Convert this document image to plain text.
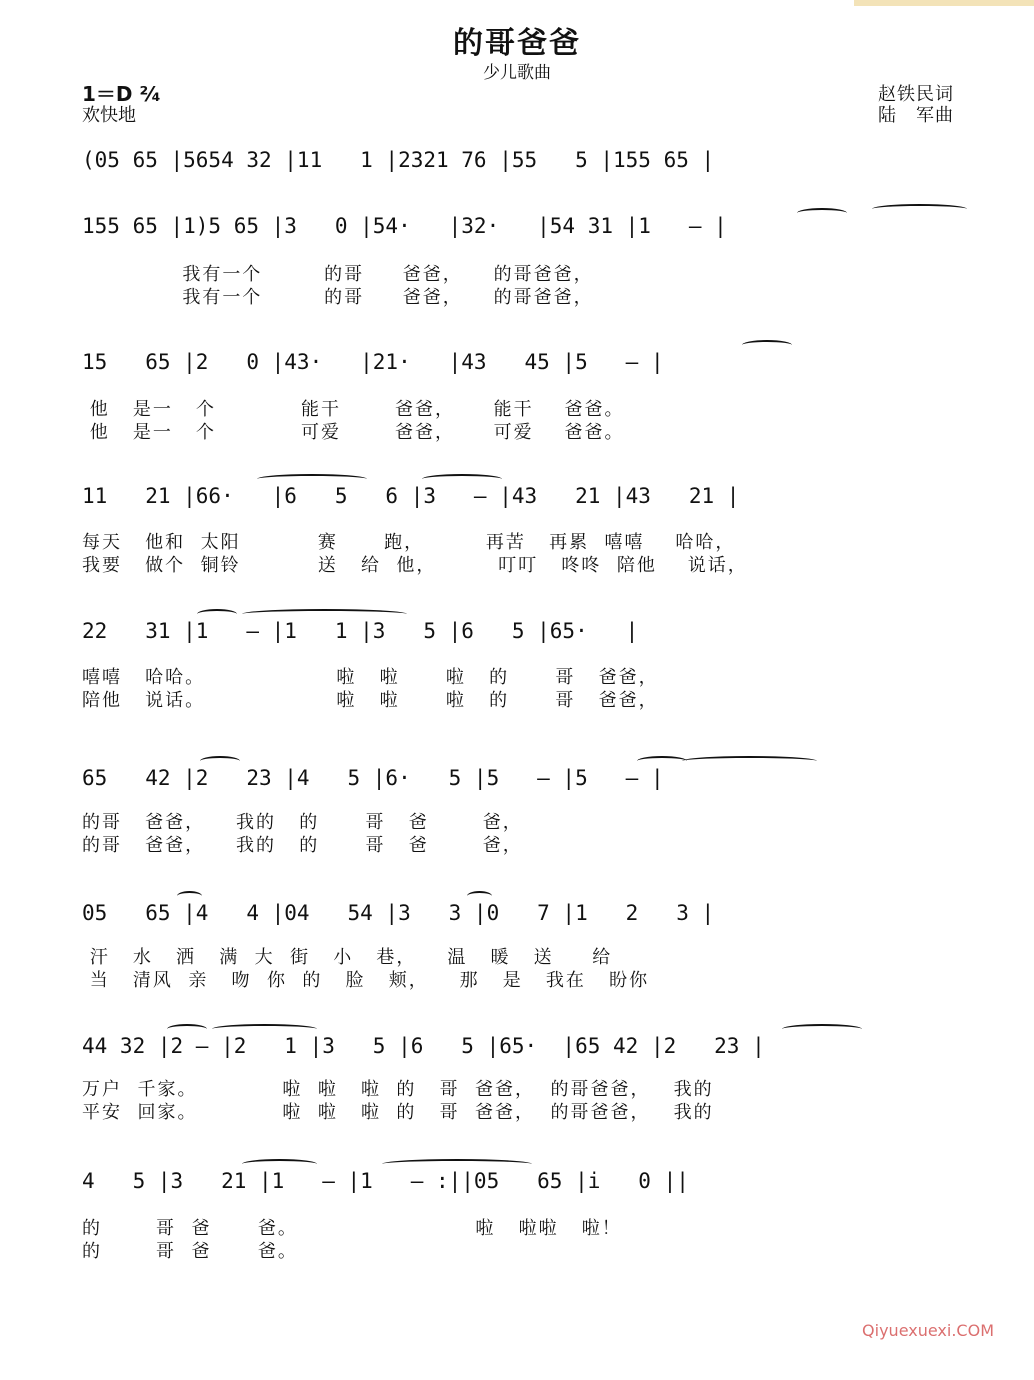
的哥爸爸
少儿歌曲
1＝D ²⁄₄
欢快地
赵铁民词
陆　军曲
(05 65 |5654 32 |11   1 |2321 76 |55   5 |155 65 |
155 65 |1)5 65 |3   0 |54·   |32·   |54 31 |1   — |
我有一个        的哥     爸爸，    的哥爸爸，
我有一个        的哥     爸爸，    的哥爸爸，
15   65 |2   0 |43·   |21·   |43   45 |5   — |
他   是一   个           能干       爸爸，     能干    爸爸。
他   是一   个           可爱       爸爸，     可爱    爸爸。
11   21 |66·   |6   5   6 |3   — |43   21 |43   21 |
每天   他和  太阳          赛      跑，        再苦   再累  嘻嘻    哈哈，
我要   做个  铜铃          送   给  他，        叮叮   咚咚  陪他    说话，
22   31 |1   — |1   1 |3   5 |6   5 |65·   |
嘻嘻   哈哈。                 啦   啦      啦   的      哥   爸爸，
陪他   说话。                 啦   啦      啦   的      哥   爸爸，
65   42 |2   23 |4   5 |6·   5 |5   — |5   — |
的哥   爸爸，    我的   的      哥   爸       爸，
的哥   爸爸，    我的   的      哥   爸       爸，
05   65 |4   4 |04   54 |3   3 |0   7 |1   2   3 |
汗   水   洒   满  大  街   小   巷，    温   暖   送     给
当   清风  亲   吻  你  的   脸   颊，    那   是   我在   盼你
44 32 |2 — |2   1 |3   5 |6   5 |65·  |65 42 |2   23 |
万户  千家。           啦  啦   啦  的   哥  爸爸，  的哥爸爸，   我的
平安  回家。           啦  啦   啦  的   哥  爸爸，  的哥爸爸，   我的
4   5 |3   21 |1   — |1   — :||05   65 |i   0 ||
的       哥  爸      爸。                       啦   啦啦   啦！
的       哥  爸      爸。
Qiyuexuexi.COM
